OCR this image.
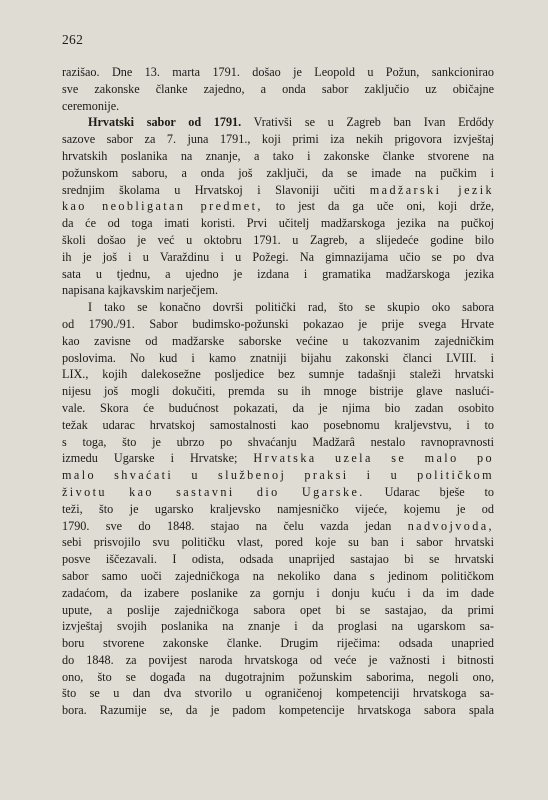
262
razišao. Dne 13. marta 1791. došao je Leopold u Požun, sankcionirao
sve zakonske članke zajedno, a onda sabor zaključio uz običajne
ceremonije.
Hrvatski sabor od 1791. Vrativši se u Zagreb ban Ivan Erdődy
sazove sabor za 7. juna 1791., koji primi iza nekih prigovora izvještaj
hrvatskih poslanika na znanje, a tako i zakonske članke stvorene na
požunskom saboru, a onda još zaključi, da se imade na pučkim i
srednjim školama u Hrvatskoj i Slavoniji učiti madžarski jezik
kao neobligatan predmet, to jest da ga uče oni, koji drže,
da će od toga imati koristi. Prvi učitelj madžarskoga jezika na pučkoj
školi došao je već u oktobru 1791. u Zagreb, a slijedeće godine bilo
ih je još i u Varaždinu i u Požegi. Na gimnazijama učio se po dva
sata u tjednu, a ujedno je izdana i gramatika madžarskoga jezika
napisana kajkavskim narječjem.
I tako se konačno dovrši politički rad, što se skupio oko sabora
od 1790./91. Sabor budimsko-požunski pokazao je prije svega Hrvate
kao zavisne od madžarske saborske većine u takozvanim zajedničkim
poslovima. No kud i kamo znatniji bijahu zakonski članci LVIII. i
LIX., kojih dalekosežne posljedice bez sumnje tadašnji staleži hrvatski
nijesu još mogli dokučiti, premda su ih mnoge bistrije glave naslući-
vale. Skora će budućnost pokazati, da je njima bio zadan osobito
težak udarac hrvatskoj samostalnosti kao posebnomu kraljevstvu, i to
s toga, što je ubrzo po shvaćanju Madžarâ nestalo ravnopravnosti
izmedu Ugarske i Hrvatske; Hrvatska uzela se malo po
malo shvaćati u službenoj praksi i u političkom
životu kao sastavni dio Ugarske. Udarac bješe to
teži, što je ugarsko kraljevsko namjesničko vijeće, kojemu je od
1790. sve do 1848. stajao na čelu vazda jedan nadvojvoda,
sebi prisvojilo svu političku vlast, pored koje su ban i sabor hrvatski
posve iščezavali. I odista, odsada unapriјed sastajao bi se hrvatski
sabor samo uoči zajedničkoga na nekoliko dana s jedinom političkom
zadaćom, da izabere poslanike za gornju i donju kuću i da im dade
upute, a poslije zajedničkoga sabora opet bi se sastajao, da primi
izvještaj svojih poslanika na znanje i da proglasi na ugarskom sa-
boru stvorene zakonske članke. Drugim riječima: odsada unapried
do 1848. za povijest naroda hrvatskoga od veće je važnosti i bitnosti
ono, što se događa na dugotrajnim požunskim saborima, negoli ono,
što se u dan dva stvorilo u ograničenoj kompetenciji hrvatskoga sa-
bora. Razumije se, da je padom kompetencije hrvatskoga sabora spala
